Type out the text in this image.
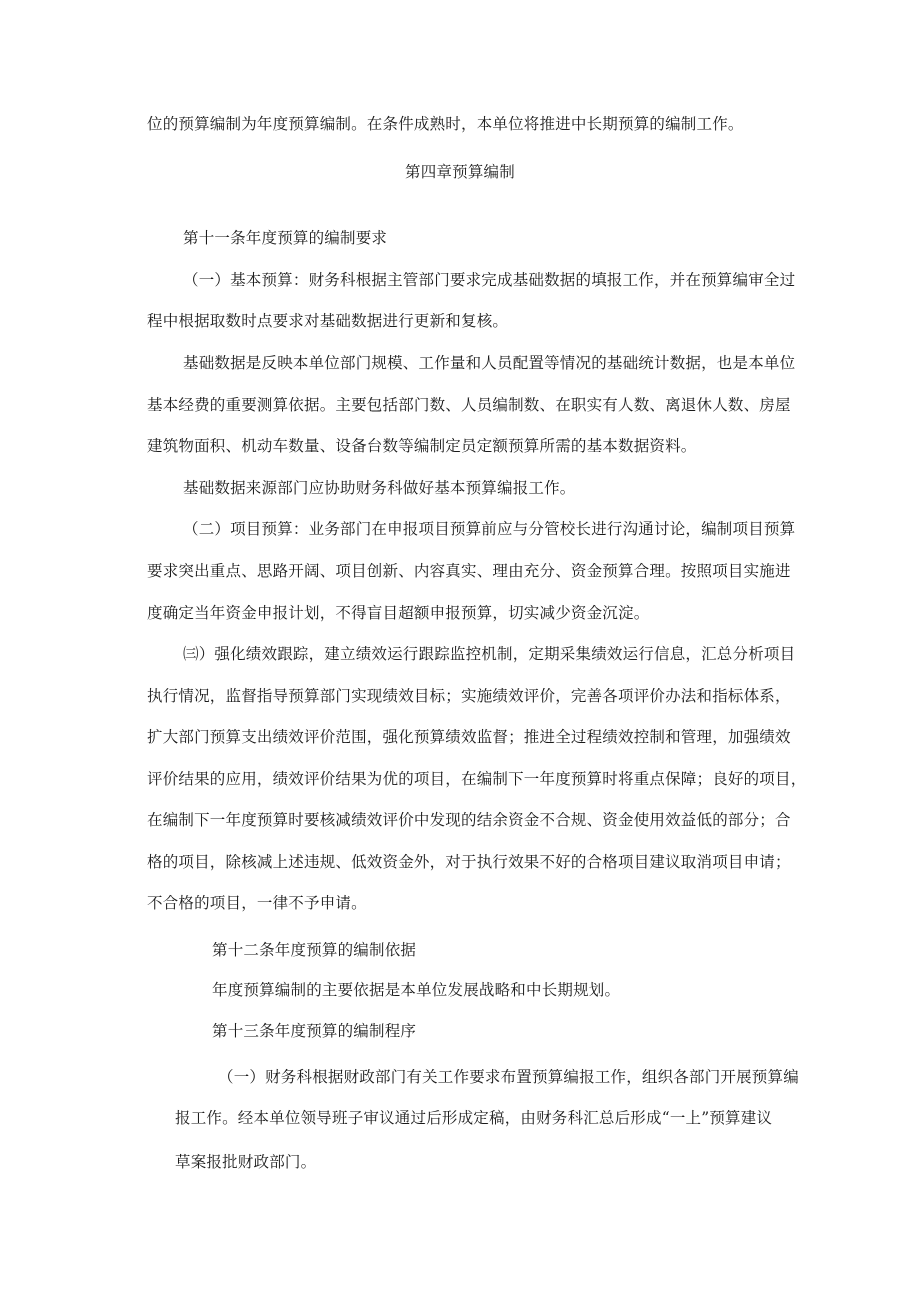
位的预算编制为年度预算编制。在条件成熟时，本单位将推进中长期预算的编制工作。
第四章预算编制
第十一条年度预算的编制要求
（一）基本预算：财务科根据主管部门要求完成基础数据的填报工作，并在预算编审全过
程中根据取数时点要求对基础数据进行更新和复核。
基础数据是反映本单位部门规模、工作量和人员配置等情况的基础统计数据，也是本单位
基本经费的重要测算依据。主要包括部门数、人员编制数、在职实有人数、离退休人数、房屋
建筑物面积、机动车数量、设备台数等编制定员定额预算所需的基本数据资料。
基础数据来源部门应协助财务科做好基本预算编报工作。
（二）项目预算：业务部门在申报项目预算前应与分管校长进行沟通讨论，编制项目预算
要求突出重点、思路开阔、项目创新、内容真实、理由充分、资金预算合理。按照项目实施进
度确定当年资金申报计划，不得盲目超额申报预算，切实减少资金沉淀。
㈢）强化绩效跟踪，建立绩效运行跟踪监控机制，定期采集绩效运行信息，汇总分析项目
执行情况，监督指导预算部门实现绩效目标；实施绩效评价，完善各项评价办法和指标体系，
扩大部门预算支出绩效评价范围，强化预算绩效监督；推进全过程绩效控制和管理，加强绩效
评价结果的应用，绩效评价结果为优的项目，在编制下一年度预算时将重点保障；良好的项目，
在编制下一年度预算时要核减绩效评价中发现的结余资金不合规、资金使用效益低的部分；合
格的项目，除核减上述违规、低效资金外，对于执行效果不好的合格项目建议取消项目申请；
不合格的项目，一律不予申请。
第十二条年度预算的编制依据
年度预算编制的主要依据是本单位发展战略和中长期规划。
第十三条年度预算的编制程序
（一）财务科根据财政部门有关工作要求布置预算编报工作，组织各部门开展预算编
报工作。经本单位领导班子审议通过后形成定稿，由财务科汇总后形成“一上”预算建议
草案报批财政部门。
